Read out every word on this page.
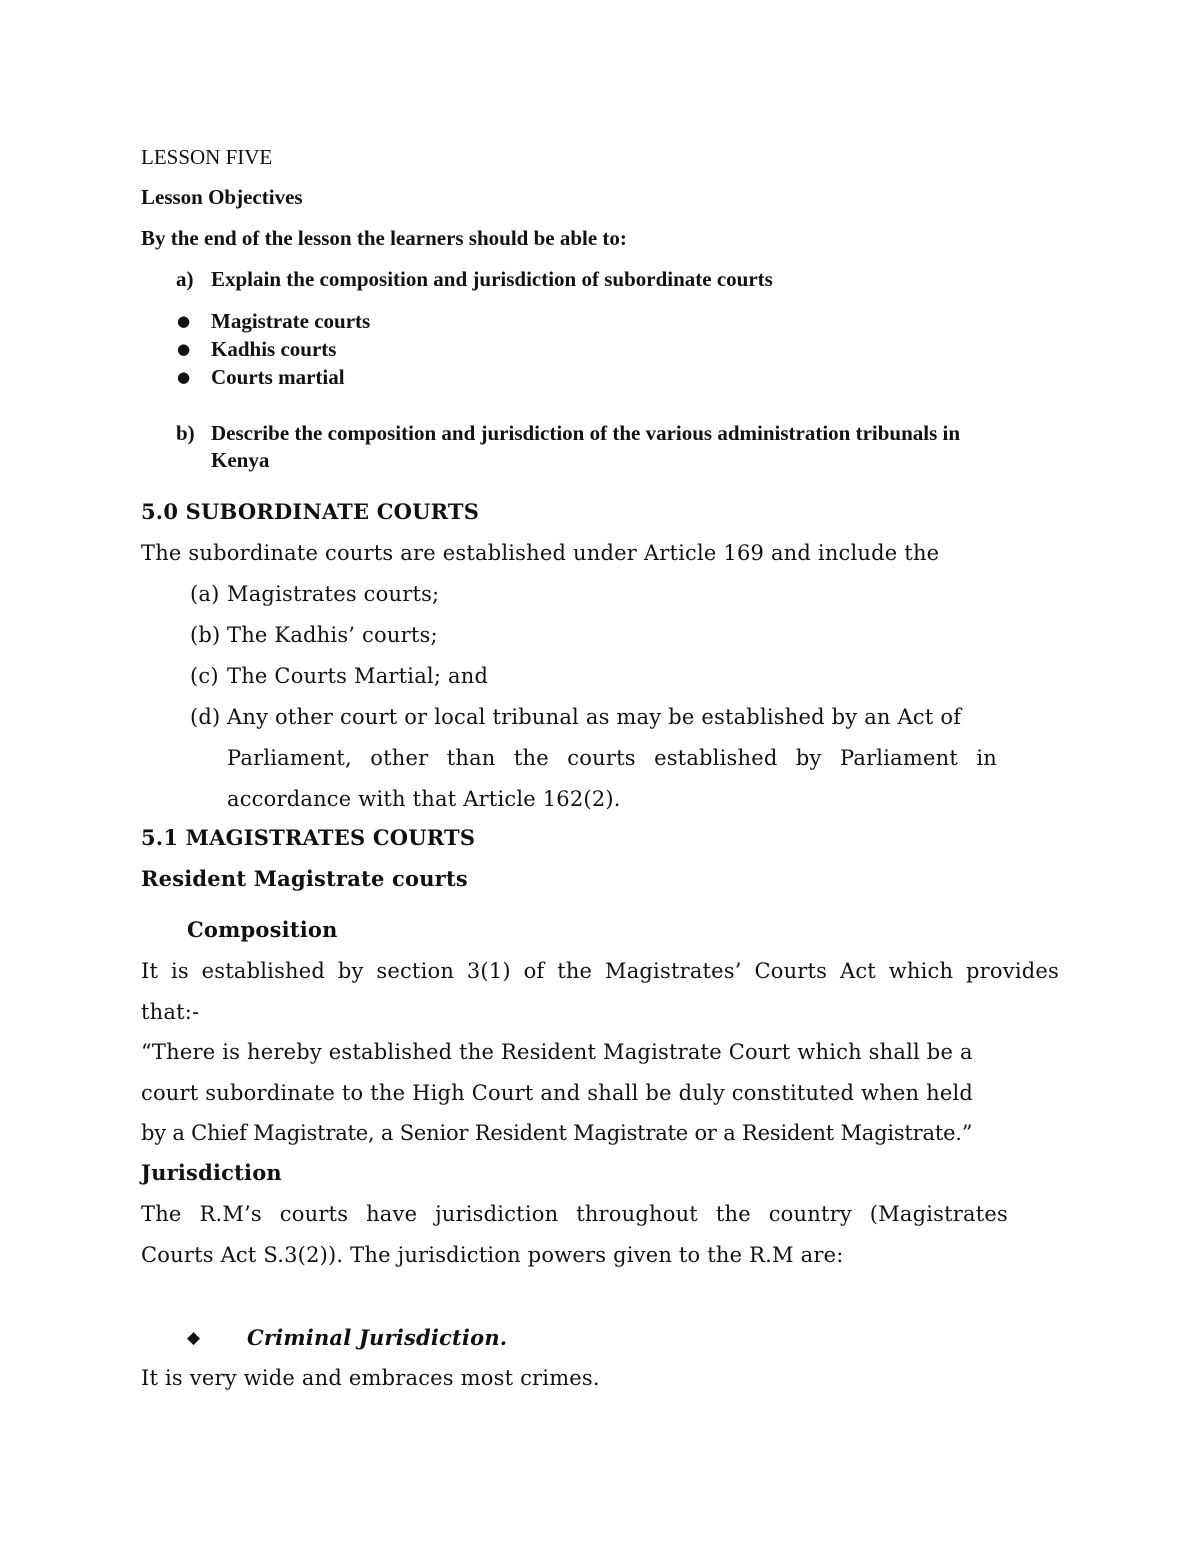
LESSON FIVE
Lesson Objectives
By the end of the lesson the learners should be able to:
a) Explain the composition and jurisdiction of subordinate courts
● Magistrate courts
● Kadhis courts
● Courts martial
b) Describe the composition and jurisdiction of the various administration tribunals in
Kenya
5.0 SUBORDINATE COURTS
The subordinate courts are established under Article 169 and include the
(a) Magistrates courts;
(b) The Kadhis’ courts;
(c) The Courts Martial; and
(d) Any other court or local tribunal as may be established by an Act of
Parliament, other than the courts established by Parliament in
accordance with that Article 162(2).
5.1 MAGISTRATES COURTS
Resident Magistrate courts
Composition
It is established by section 3(1) of the Magistrates’ Courts Act which provides
that:-
“There is hereby established the Resident Magistrate Court which shall be a
court subordinate to the High Court and shall be duly constituted when held
by a Chief Magistrate, a Senior Resident Magistrate or a Resident Magistrate.”
Jurisdiction
The R.M’s courts have jurisdiction throughout the country (Magistrates
Courts Act S.3(2)). The jurisdiction powers given to the R.M are:
◆ Criminal Jurisdiction.
It is very wide and embraces most crimes.
